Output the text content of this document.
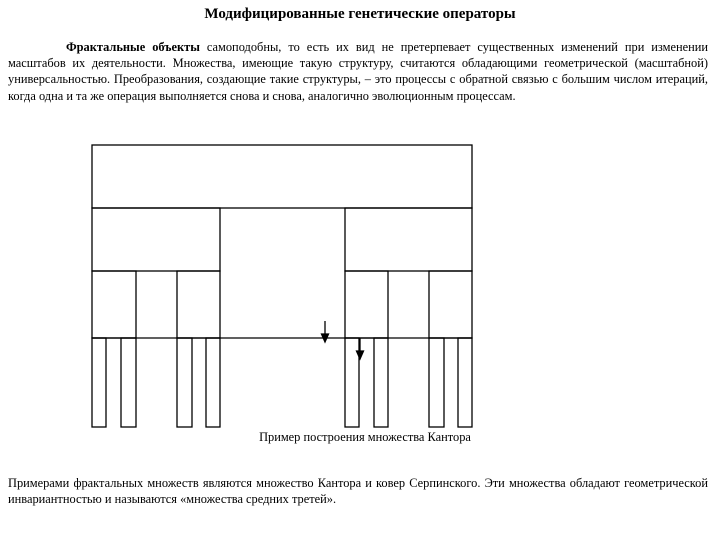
Модифицированные генетические операторы
Фрактальные объекты самоподобны, то есть их вид не претерпевает существенных изменений при изменении масштабов их деятельности. Множества, имеющие такую структуру, считаются обладающими геометрической (масштабной) универсальностью. Преобразования, создающие такие структуры, – это процессы с обратной связью с большим числом итераций, когда одна и та же операция выполняется снова и снова, аналогично эволюционным процессам.
Пример построения множества Кантора
Примерами фрактальных множеств являются множество Кантора и ковер Серпинского. Эти множества обладают геометрической инвариантностью и называются «множества средних третей».
